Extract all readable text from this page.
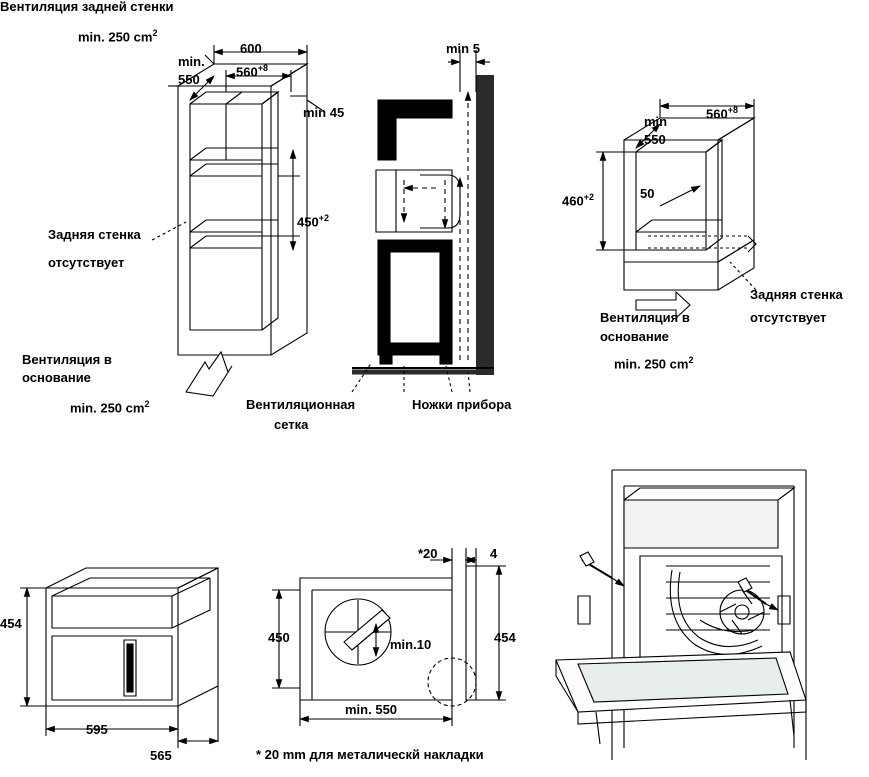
Вентиляция задней стенки
min. 250 $cm^2$
600
$560^{+8}$
min.
550
min 45
min 5
$450^{+2}$
Задняя стенка
отсутствует
Вентиляция в
основание
min. 250 $cm^2$	Вентиляционная
сетка
Ножки прибора
min
550
$560^{+8}$
$460^{+2}$	50
Задняя стенка
отсутствует
Вентиляция в
основание
min. 250 $cm^2$
454
595
565
*20	4
450	min.10	454
min. 550
* 20 mm для металическй накладки
